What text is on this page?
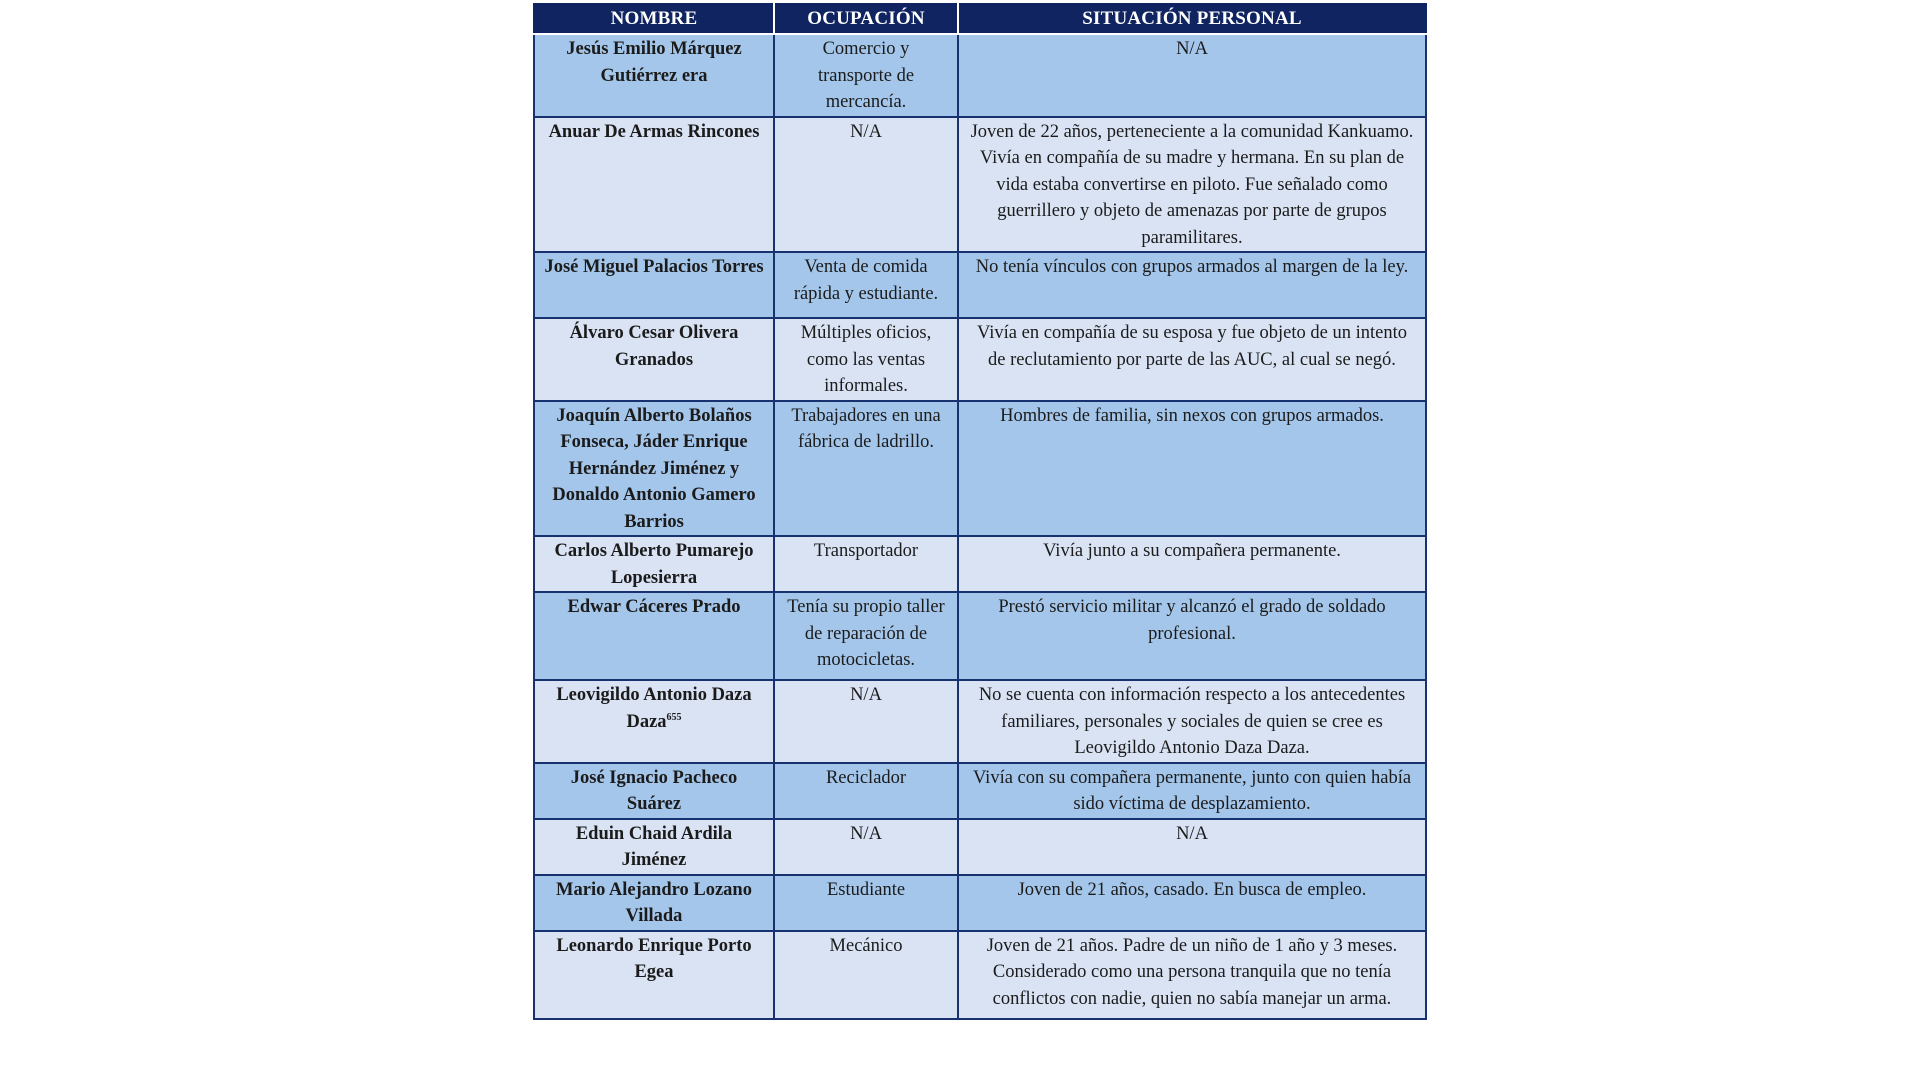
NOMBRE	OCUPACIÓN	SITUACIÓN PERSONAL
Jesús Emilio Márquez Gutiérrez era	Comercio y transporte de mercancía.	N/A
Anuar De Armas Rincones	N/A	Joven de 22 años, perteneciente a la comunidad Kankuamo. Vivía en compañía de su madre y hermana. En su plan de vida estaba convertirse en piloto. Fue señalado como guerrillero y objeto de amenazas por parte de grupos paramilitares.
José Miguel Palacios Torres	Venta de comida rápida y estudiante.	No tenía vínculos con grupos armados al margen de la ley.
Álvaro Cesar Olivera Granados	Múltiples oficios, como las ventas informales.	Vivía en compañía de su esposa y fue objeto de un intento de reclutamiento por parte de las AUC, al cual se negó.
Joaquín Alberto Bolaños Fonseca, Jáder Enrique Hernández Jiménez y Donaldo Antonio Gamero Barrios	Trabajadores en una fábrica de ladrillo.	Hombres de familia, sin nexos con grupos armados.
Carlos Alberto Pumarejo Lopesierra	Transportador	Vivía junto a su compañera permanente.
Edwar Cáceres Prado	Tenía su propio taller de reparación de motocicletas.	Prestó servicio militar y alcanzó el grado de soldado profesional.
Leovigildo Antonio Daza Daza$^{655}$	N/A	No se cuenta con información respecto a los antecedentes familiares, personales y sociales de quien se cree es Leovigildo Antonio Daza Daza.
José Ignacio Pacheco Suárez	Reciclador	Vivía con su compañera permanente, junto con quien había sido víctima de desplazamiento.
Eduin Chaid Ardila Jiménez	N/A	N/A
Mario Alejandro Lozano Villada	Estudiante	Joven de 21 años, casado. En busca de empleo.
Leonardo Enrique Porto Egea	Mecánico	Joven de 21 años. Padre de un niño de 1 año y 3 meses. Considerado como una persona tranquila que no tenía conflictos con nadie, quien no sabía manejar un arma.
